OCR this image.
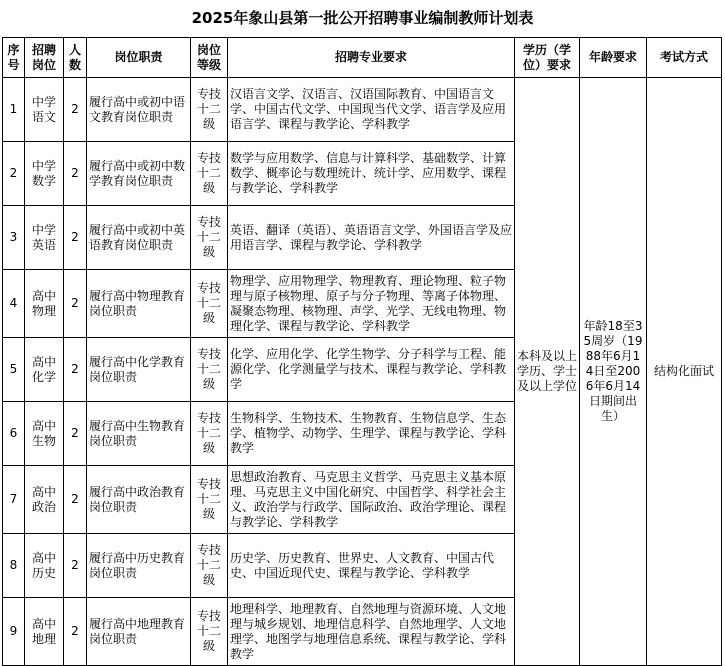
2025年象山县第一批公开招聘事业编制教师计划表
序号	招聘岗位	人数	岗位职责	岗位等级	招聘专业要求	学历（学位）要求	年龄要求	考试方式
1	中学语文	2	履行高中或初中语文教育岗位职责	专技十二级	汉语言文学、汉语言、汉语国际教育、中国语言文学、中国古代文学、中国现当代文学、语言学及应用语言学、课程与教学论、学科教学	本科及以上学历、学士及以上学位	年龄18至35周岁（1988年6月14日至2006年6月14日期间出生）	结构化面试
2	中学数学	2	履行高中或初中数学教育岗位职责	专技十二级	数学与应用数学、信息与计算科学、基础数学、计算数学、概率论与数理统计、统计学、应用数学、课程与教学论、学科教学			
3	中学英语	2	履行高中或初中英语教育岗位职责	专技十二级	英语、翻译（英语）、英语语言文学、外国语言学及应用语言学、课程与教学论、学科教学			
4	高中物理	2	履行高中物理教育岗位职责	专技十二级	物理学、应用物理学、物理教育、理论物理、粒子物理与原子核物理、原子与分子物理、等离子体物理、凝聚态物理、核物理、声学、光学、无线电物理、物理化学、课程与教学论、学科教学			
5	高中化学	2	履行高中化学教育岗位职责	专技十二级	化学、应用化学、化学生物学、分子科学与工程、能源化学、化学测量学与技术、课程与教学论、学科教学			
6	高中生物	2	履行高中生物教育岗位职责	专技十二级	生物科学、生物技术、生物教育、生物信息学、生态学、植物学、动物学、生理学、课程与教学论、学科教学			
7	高中政治	2	履行高中政治教育岗位职责	专技十二级	思想政治教育、马克思主义哲学、马克思主义基本原理、马克思主义中国化研究、中国哲学、科学社会主义、政治学与行政学、国际政治、政治学理论、课程与教学论、学科教学			
8	高中历史	2	履行高中历史教育岗位职责	专技十二级	历史学、历史教育、世界史、人文教育、中国古代史、中国近现代史、课程与教学论、学科教学			
9	高中地理	2	履行高中地理教育岗位职责	专技十二级	地理科学、地理教育、自然地理与资源环境、人文地理与城乡规划、地理信息科学、自然地理学、人文地理学、地图学与地理信息系统、课程与教学论、学科教学			
